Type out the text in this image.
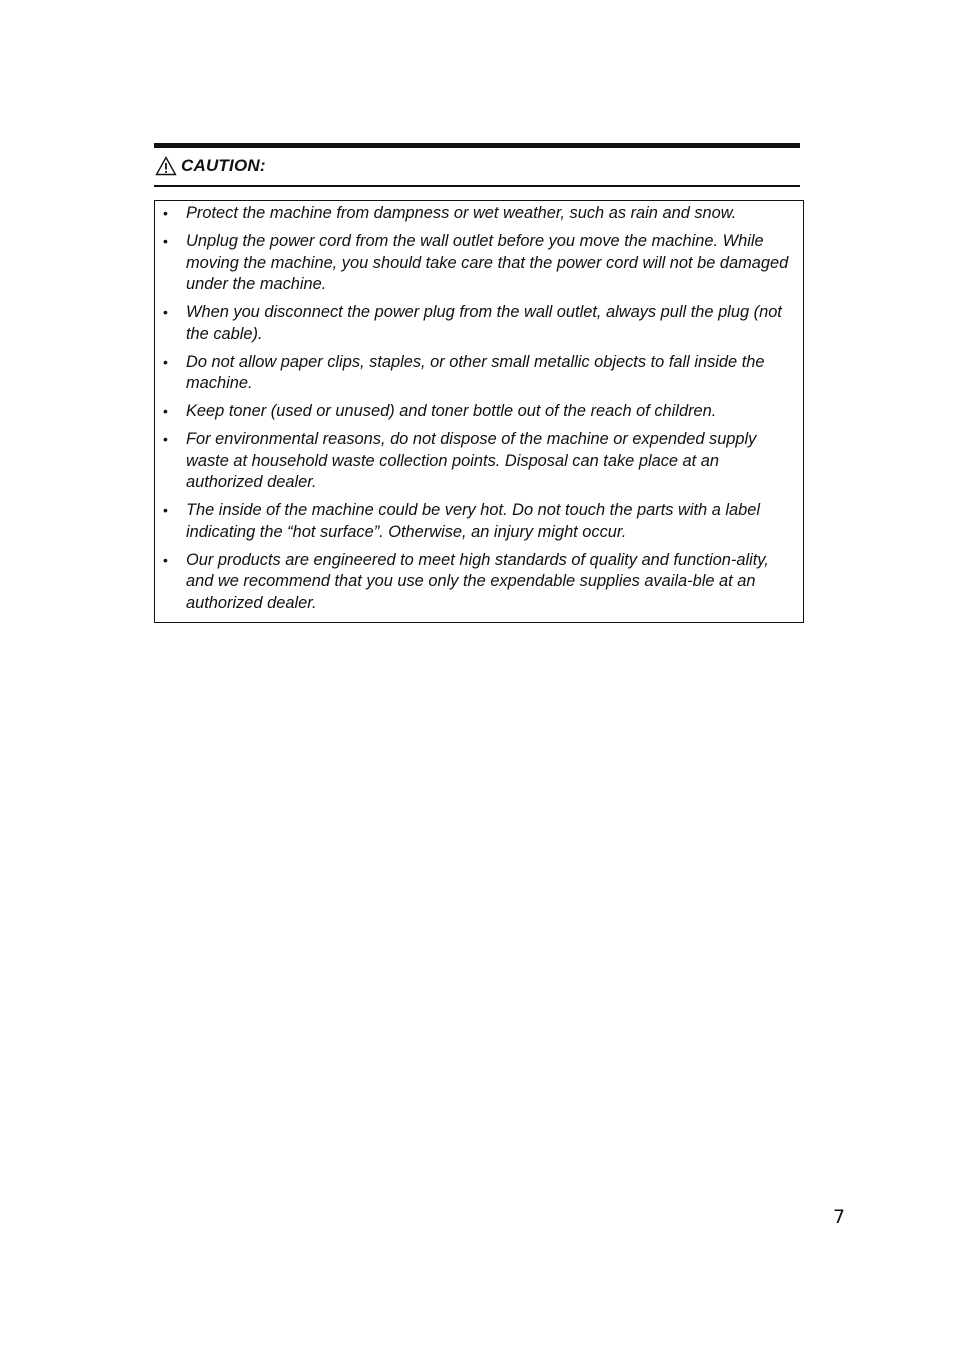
CAUTION:
•	Protect the machine from dampness or wet weather, such as rain and snow.
•	Unplug the power cord from the wall outlet before you move the machine. While moving the machine, you should take care that the power cord will not be damaged under the machine.
•	When you disconnect the power plug from the wall outlet, always pull the plug (not the cable).
•	Do not allow paper clips, staples, or other small metallic objects to fall inside the machine.
•	Keep toner (used or unused) and toner bottle out of the reach of children.
•	For environmental reasons, do not dispose of the machine or expended supply waste at household waste collection points. Disposal can take place at an authorized dealer.
•	The inside of the machine could be very hot. Do not touch the parts with a label indicating the “hot surface”. Otherwise, an injury might occur.
•	Our products are engineered to meet high standards of quality and function-ality, and we recommend that you use only the expendable supplies availa-ble at an authorized dealer.
7
